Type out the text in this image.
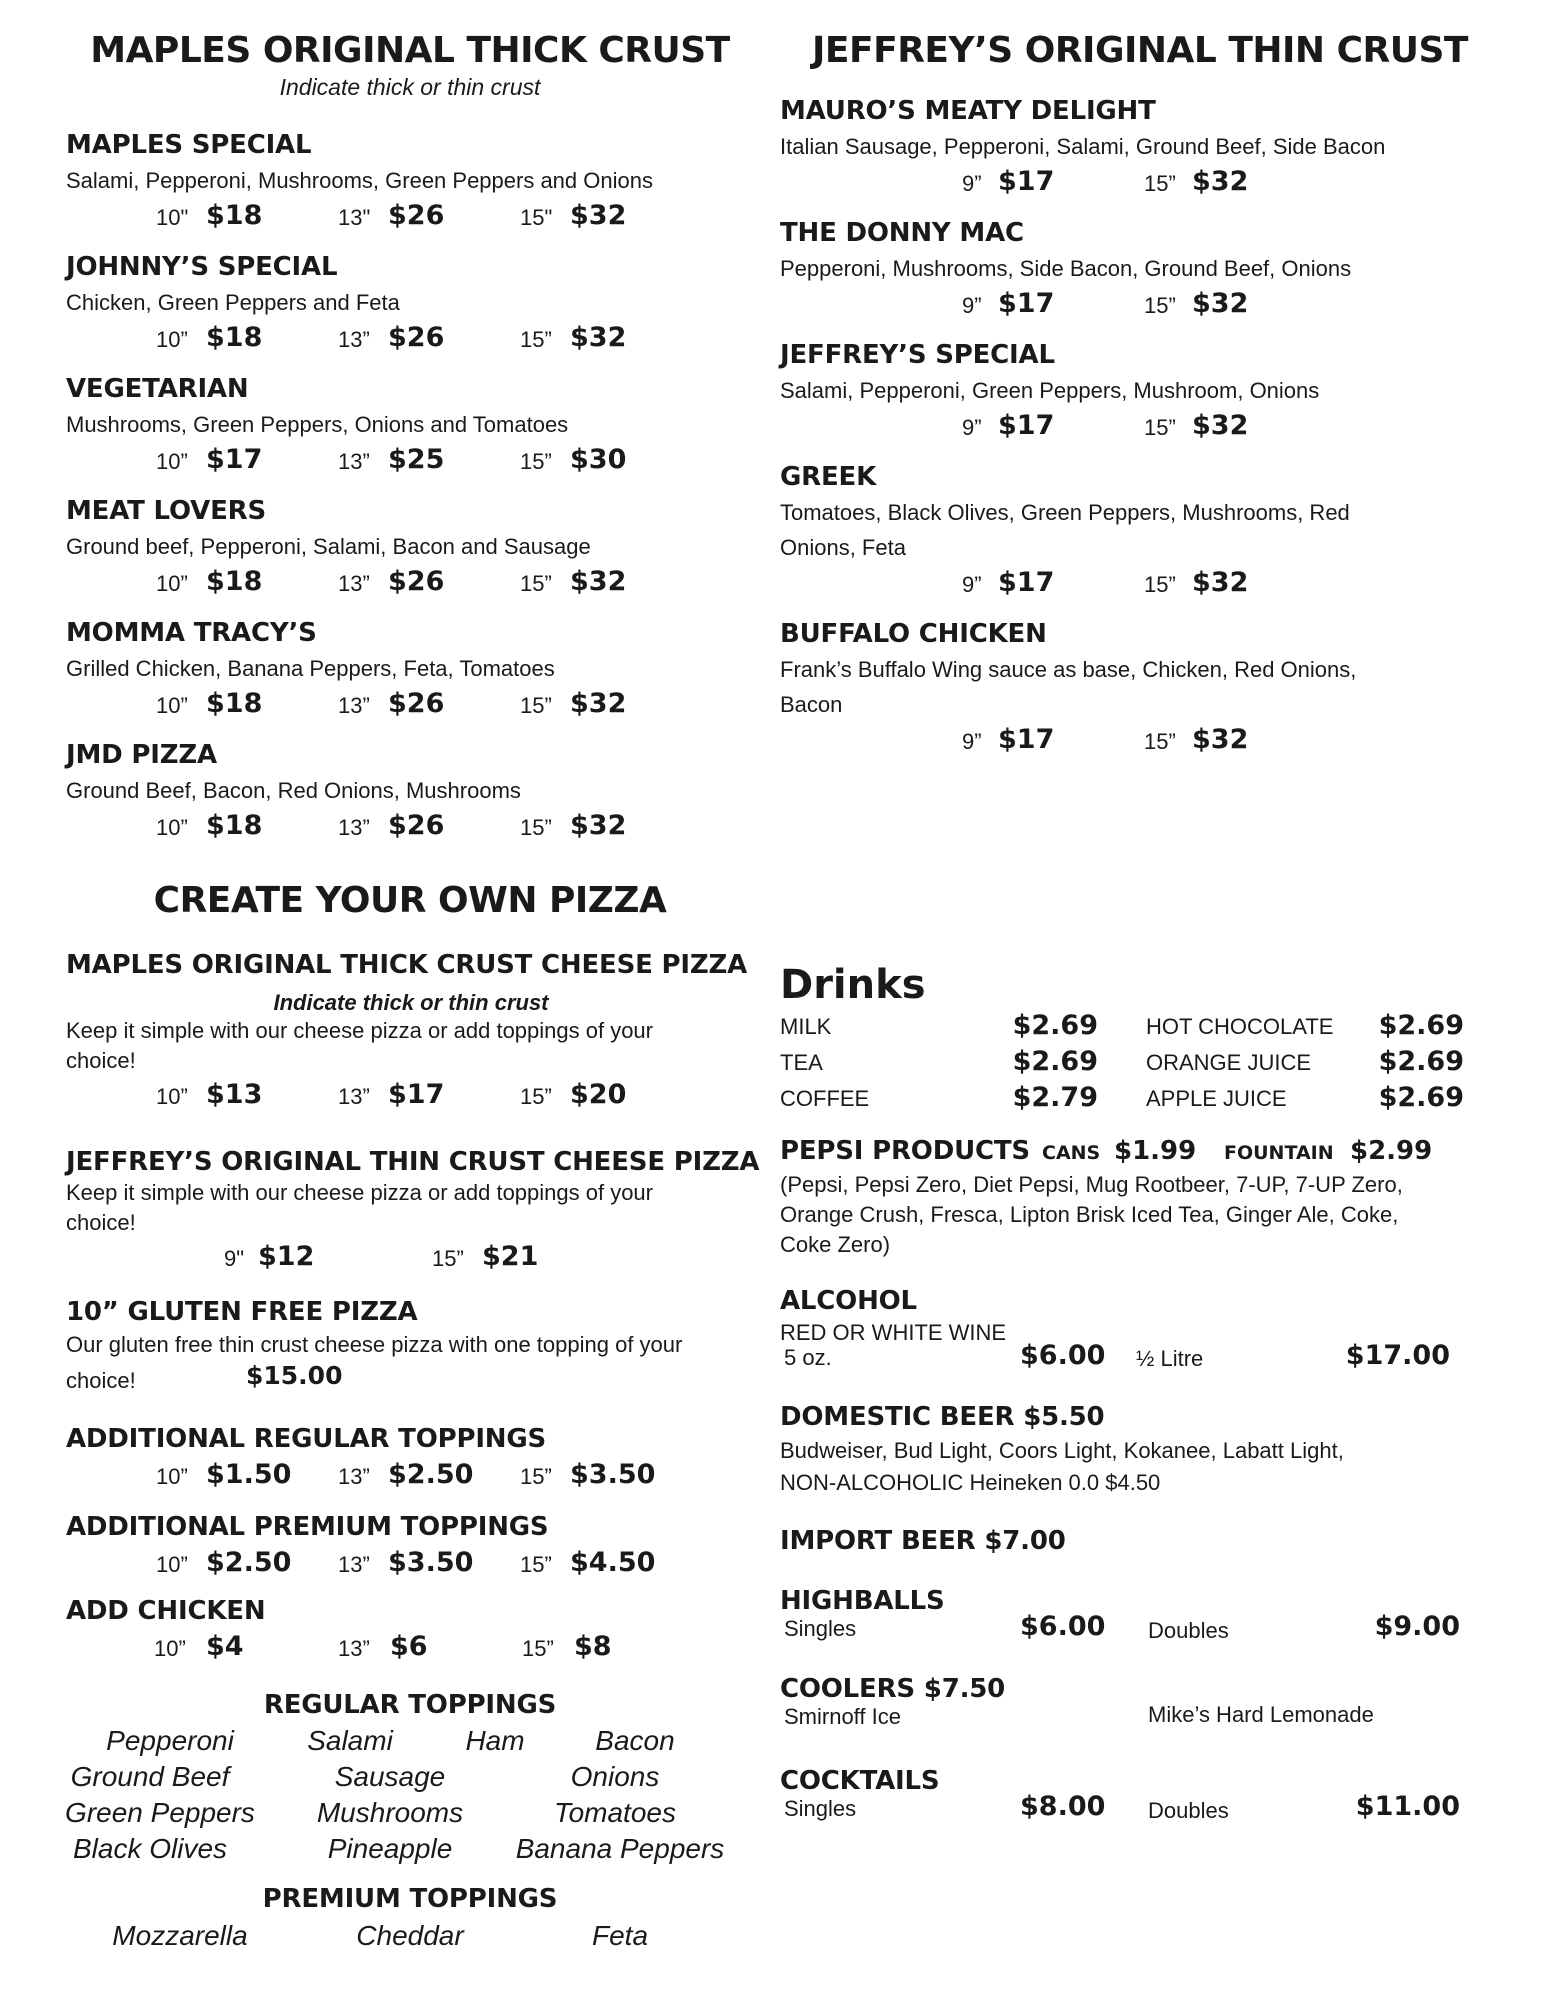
MAPLES ORIGINAL THICK CRUST
Indicate thick or thin crust
MAPLES SPECIAL
Salami, Pepperoni, Mushrooms, Green Peppers and Onions
10" $18	13" $26	15" $32
JOHNNY’S SPECIAL
Chicken, Green Peppers and Feta
10” $18	13” $26	15” $32
VEGETARIAN
Mushrooms, Green Peppers, Onions and Tomatoes
10” $17	13” $25	15” $30
MEAT LOVERS
Ground beef, Pepperoni, Salami, Bacon and Sausage
10” $18	13” $26	15” $32
MOMMA TRACY’S
Grilled Chicken, Banana Peppers, Feta, Tomatoes
10” $18	13” $26	15” $32
JMD PIZZA
Ground Beef, Bacon, Red Onions, Mushrooms
10” $18	13” $26	15” $32
JEFFREY’S ORIGINAL THIN CRUST
MAURO’S MEATY DELIGHT
Italian Sausage, Pepperoni, Salami, Ground Beef, Side Bacon
9” $17	15” $32
THE DONNY MAC
Pepperoni, Mushrooms, Side Bacon, Ground Beef, Onions
9” $17	15” $32
JEFFREY’S SPECIAL
Salami, Pepperoni, Green Peppers, Mushroom, Onions
9” $17	15” $32
GREEK
Tomatoes, Black Olives, Green Peppers, Mushrooms, Red
Onions, Feta
9” $17	15” $32
BUFFALO CHICKEN
Frank’s Buffalo Wing sauce as base, Chicken, Red Onions,
Bacon
9” $17	15” $32
CREATE YOUR OWN PIZZA
MAPLES ORIGINAL THICK CRUST CHEESE PIZZA
Indicate thick or thin crust
Keep it simple with our cheese pizza or add toppings of your
choice!
10” $13	13” $17	15” $20
JEFFREY’S ORIGINAL THIN CRUST CHEESE PIZZA
Keep it simple with our cheese pizza or add toppings of your
choice!
9" $12	15” $21
10” GLUTEN FREE PIZZA
Our gluten free thin crust cheese pizza with one topping of your
choice!	$15.00
ADDITIONAL REGULAR TOPPINGS
10” $1.50 13” $2.50 15” $3.50
ADDITIONAL PREMIUM TOPPINGS
10” $2.50 13” $3.50 15” $4.50
ADD CHICKEN
10” $4	13” $6	15” $8
REGULAR TOPPINGS
Pepperoni	Salami	Ham	Bacon
Ground Beef	Sausage	Onions
Green Peppers	Mushrooms	Tomatoes
Black Olives	Pineapple	Banana Peppers
PREMIUM TOPPINGS
Mozzarella	Cheddar	Feta
Drinks
MILK	$2.69 HOT CHOCOLATE	$2.69
TEA	$2.69 ORANGE JUICE	$2.69
COFFEE	$2.79 APPLE JUICE	$2.69
PEPSI PRODUCTS CANS $1.99 FOUNTAIN $2.99
(Pepsi, Pepsi Zero, Diet Pepsi, Mug Rootbeer, 7-UP, 7-UP Zero,
Orange Crush, Fresca, Lipton Brisk Iced Tea, Ginger Ale, Coke,
Coke Zero)
ALCOHOL
RED OR WHITE WINE
5 oz.	$6.00 ½ Litre	$17.00
DOMESTIC BEER $5.50
Budweiser, Bud Light, Coors Light, Kokanee, Labatt Light,
NON-ALCOHOLIC Heineken 0.0 $4.50
IMPORT BEER $7.00
HIGHBALLS
Singles	$6.00 Doubles	$9.00
COOLERS $7.50
Smirnoff Ice	Mike’s Hard Lemonade
COCKTAILS
Singles	$8.00 Doubles	$11.00
